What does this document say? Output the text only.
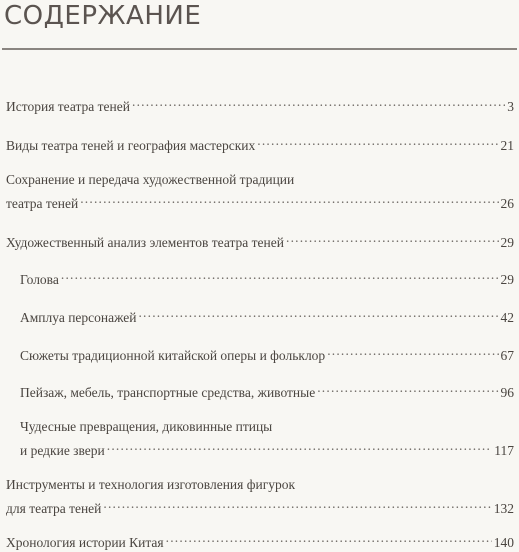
СОДЕРЖАНИЕ
История театра теней .....	3
Виды театра теней и география мастерских .....	21
Сохранение и передача художественной традиции
театра теней .....	26
Художественный анализ элементов театра теней .....	29
Голова .....	29
Амплуа персонажей .....	42
Сюжеты традиционной китайской оперы и фольклор .....	67
Пейзаж, мебель, транспортные средства, животные .....	96
Чудесные превращения, диковинные птицы
и редкие звери .....	117
Инструменты и технология изготовления фигурок
для театра теней .....	132
Хронология истории Китая .....	140
